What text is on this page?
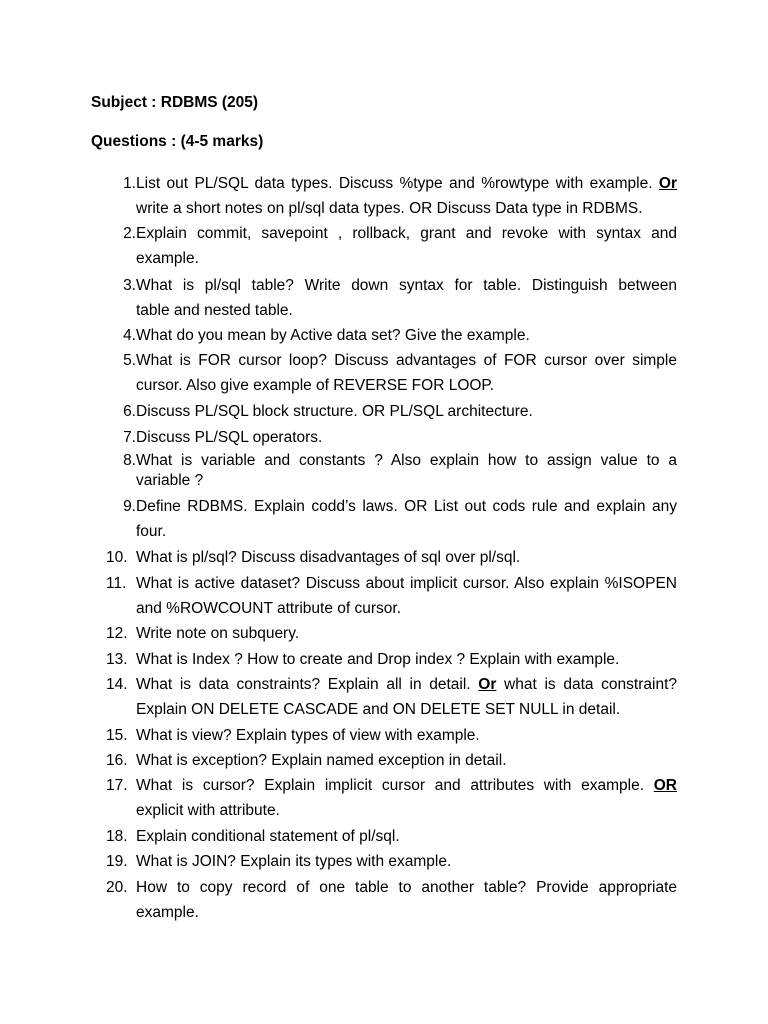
Subject : RDBMS (205)
Questions : (4-5 marks)
1. List out PL/SQL data types. Discuss %type and %rowtype with example. Or
write a short notes on pl/sql data types. OR Discuss Data type in RDBMS.
2. Explain commit, savepoint , rollback, grant and revoke with syntax and
example.
3. What is pl/sql table? Write down syntax for table. Distinguish between
table and nested table.
4. What do you mean by Active data set? Give the example.
5. What is FOR cursor loop? Discuss advantages of FOR cursor over simple
cursor. Also give example of REVERSE FOR LOOP.
6. Discuss PL/SQL block structure. OR PL/SQL architecture.
7. Discuss PL/SQL operators.
8. What is variable and constants ? Also explain how to assign value to a
variable ?
9. Define RDBMS. Explain codd’s laws. OR List out cods rule and explain any
four.
10. What is pl/sql? Discuss disadvantages of sql over pl/sql.
11. What is active dataset? Discuss about implicit cursor. Also explain %ISOPEN
and %ROWCOUNT attribute of cursor.
12. Write note on subquery.
13. What is Index ? How to create and Drop index ? Explain with example.
14. What is data constraints? Explain all in detail. Or what is data constraint?
Explain ON DELETE CASCADE and ON DELETE SET NULL in detail.
15. What is view? Explain types of view with example.
16. What is exception? Explain named exception in detail.
17. What is cursor? Explain implicit cursor and attributes with example. OR
explicit with attribute.
18. Explain conditional statement of pl/sql.
19. What is JOIN? Explain its types with example.
20. How to copy record of one table to another table? Provide appropriate
example.
